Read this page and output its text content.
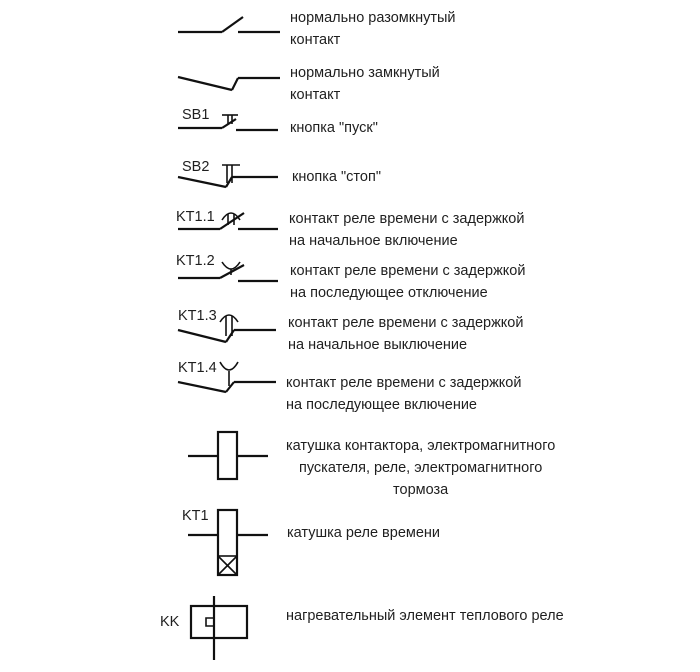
SB1
SB2
KT1.1
KT1.2
KT1.3
KT1.4
KT1
KK
нормально разомкнутый
контакт
нормально замкнутый
контакт
кнопка "пуск"
кнопка "стоп"
контакт реле времени с задержкой
на начальное включение
контакт реле времени с задержкой
на последующее отключение
контакт реле времени с задержкой
на начальное выключение
контакт реле времени с задержкой
на последующее включение
катушка контактора, электромагнитного
пускателя, реле, электромагнитного
тормоза
катушка реле времени
нагревательный элемент теплового реле
